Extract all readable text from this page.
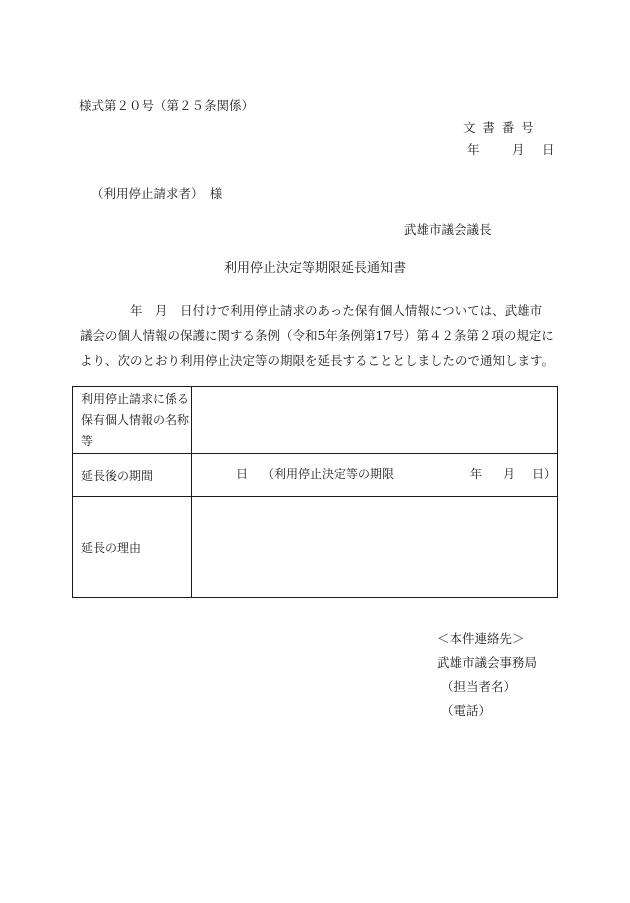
様式第２０号（第２５条関係）
文書番号
年	月 日
（利用停止請求者）　様
武雄市議会議長
利用停止決定等期限延長通知書

年　月　日付けで利用停止請求のあった保有個人情報については、武雄市

議会の個人情報の保護に関する条例（令和5年条例第17号）第４２条第２項の規定に

より、次のとおり利用停止決定等の期限を延長することとしましたので通知します。

利用停止請求に係る保有個人情報の名称等	
延長後の期間	日 （利用停止決定等の期限 年 月 日）

延長の理由	
＜本件連絡先＞
武雄市議会事務局
（担当者名）
（電話）
